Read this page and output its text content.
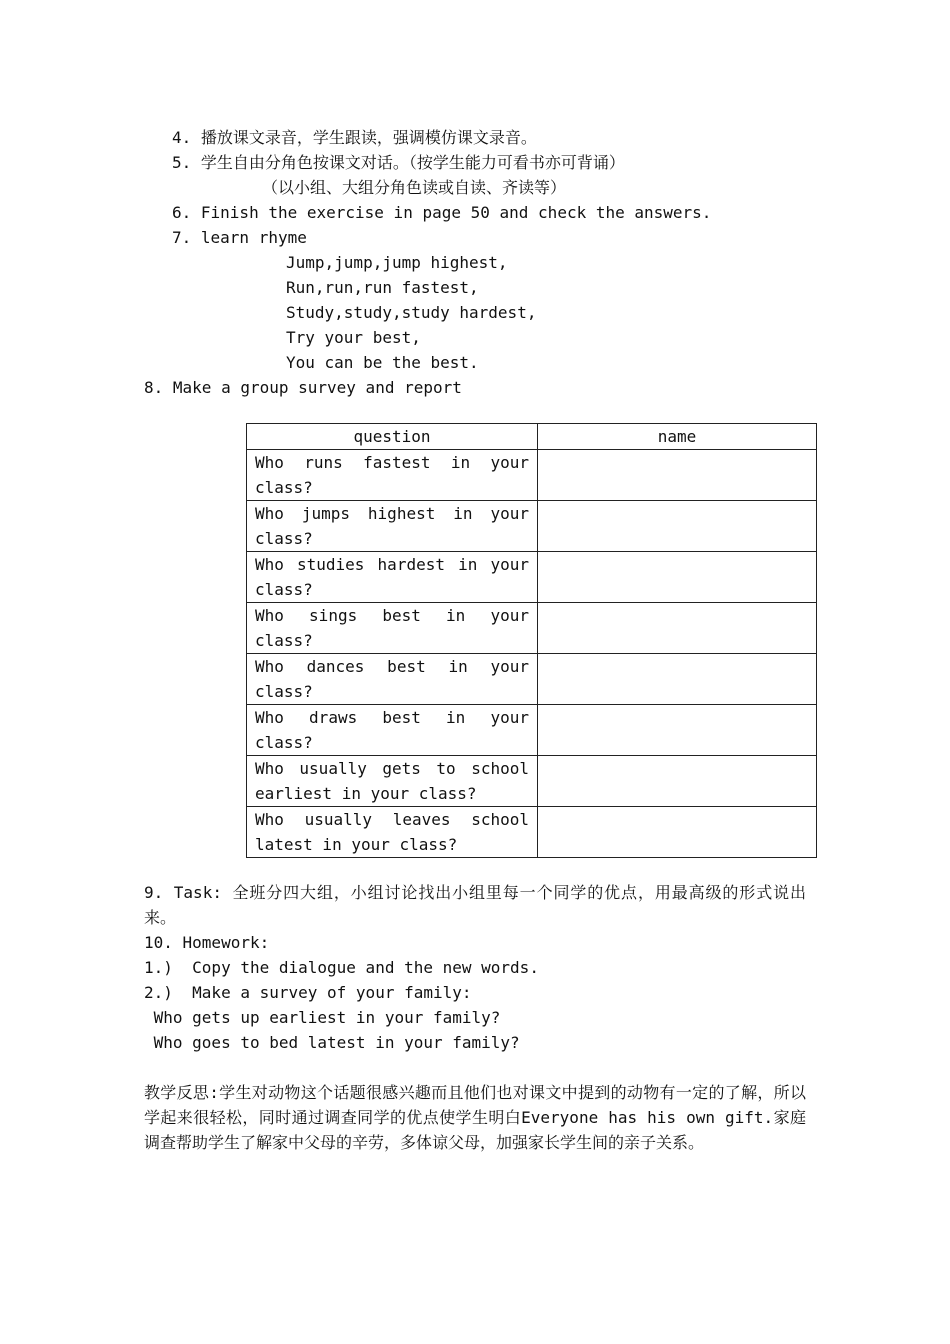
4. 播放课文录音，学生跟读，强调模仿课文录音。
5. 学生自由分角色按课文对话。（按学生能力可看书亦可背诵）
（以小组、大组分角色读或自读、齐读等）
6. Finish the exercise in page 50 and check the answers.
7. learn rhyme
Jump,jump,jump highest,
Run,run,run fastest,
Study,study,study hardest,
Try your best,
You can be the best.
8. Make a group survey and report
question	name
Who runs fastest in your class?	
Who jumps highest in your class?	
Who studies hardest in your class?	
Who sings best in your class?	
Who dances best in your class?	
Who draws best in your class?	
Who usually gets to school earliest in your class?	
Who usually leaves school latest in your class?	
9. Task: 全班分四大组，小组讨论找出小组里每一个同学的优点，用最高级的形式说出来。
10. Homework:
1.)  Copy the dialogue and the new words.
2.)  Make a survey of your family:
Who gets up earliest in your family?
Who goes to bed latest in your family?
教学反思:学生对动物这个话题很感兴趣而且他们也对课文中提到的动物有一定的了解，所以学起来很轻松，同时通过调查同学的优点使学生明白Everyone has his own gift.家庭调查帮助学生了解家中父母的辛劳，多体谅父母，加强家长学生间的亲子关系。
